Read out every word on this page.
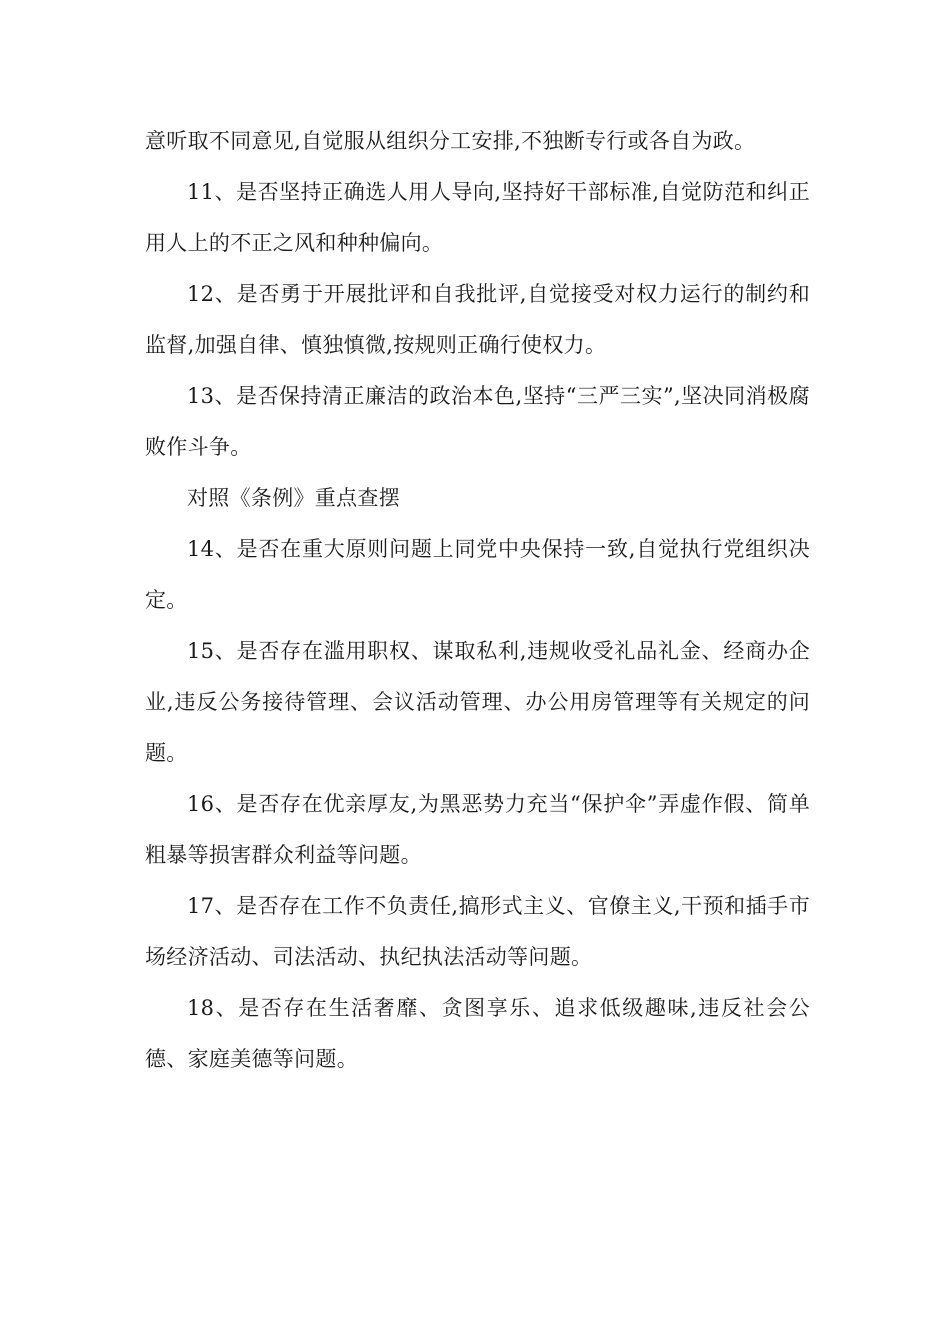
意听取不同意见,自觉服从组织分工安排,不独断专行或各自为政。

11、是否坚持正确选人用人导向,坚持好干部标准,自觉防范和纠正用人上的不正之风和种种偏向。

12、是否勇于开展批评和自我批评,自觉接受对权力运行的制约和监督,加强自律、慎独慎微,按规则正确行使权力。

13、是否保持清正廉洁的政治本色,坚持“三严三实”,坚决同消极腐败作斗争。

对照《条例》重点查摆

14、是否在重大原则问题上同党中央保持一致,自觉执行党组织决定。

15、是否存在滥用职权、谋取私利,违规收受礼品礼金、经商办企业,违反公务接待管理、会议活动管理、办公用房管理等有关规定的问题。

16、是否存在优亲厚友,为黑恶势力充当“保护伞”弄虚作假、简单粗暴等损害群众利益等问题。

17、是否存在工作不负责任,搞形式主义、官僚主义,干预和插手市场经济活动、司法活动、执纪执法活动等问题。

18、是否存在生活奢靡、贪图享乐、追求低级趣味,违反社会公德、家庭美德等问题。
